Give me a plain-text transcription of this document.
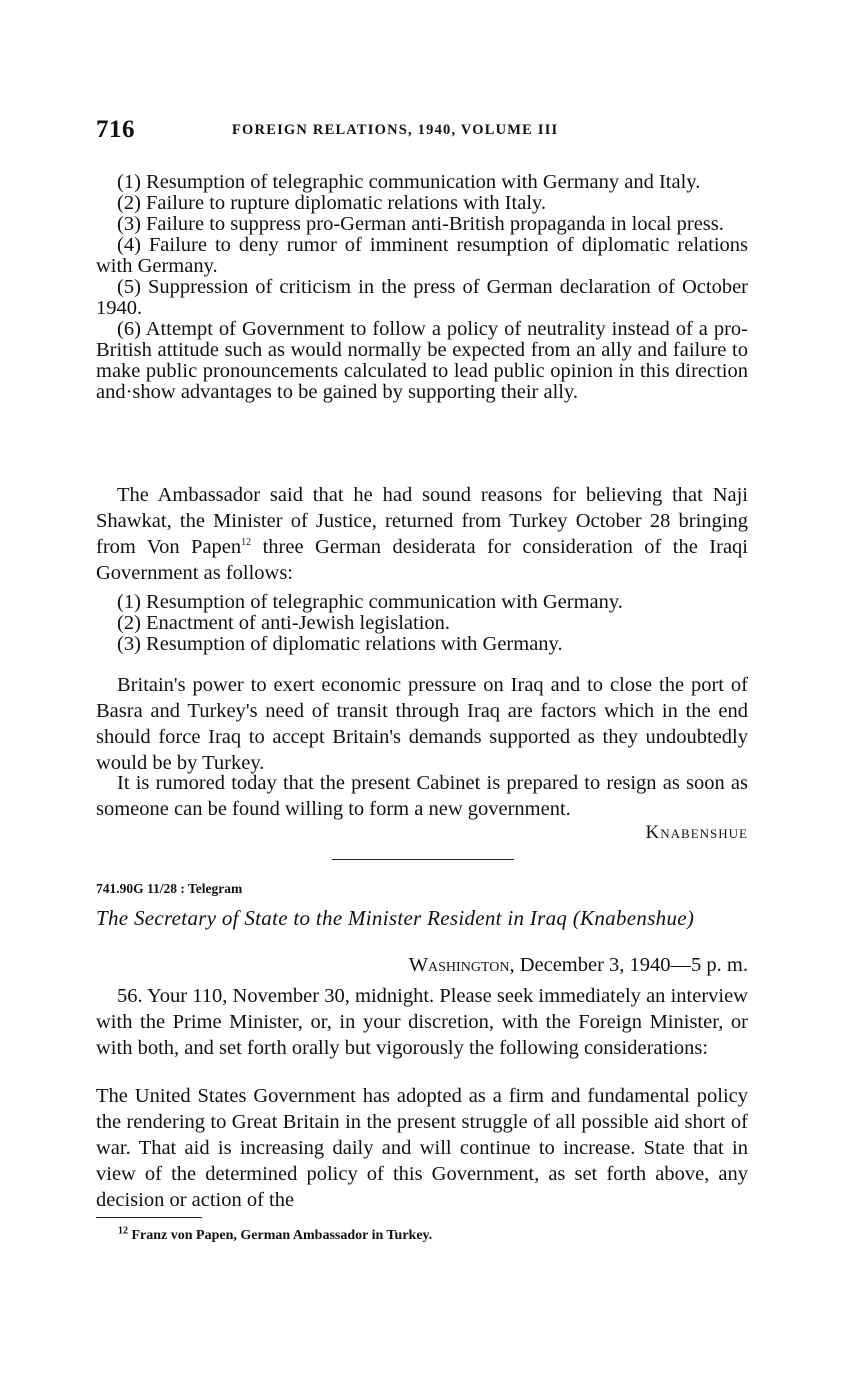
716	FOREIGN RELATIONS, 1940, VOLUME III

(1) Resumption of telegraphic communication with Germany and Italy.

(2) Failure to rupture diplomatic relations with Italy.

(3) Failure to suppress pro-German anti-British propaganda in local press.

(4) Failure to deny rumor of imminent resumption of diplomatic relations with Germany.

(5) Suppression of criticism in the press of German declaration of October 1940.

(6) Attempt of Government to follow a policy of neutrality instead of a pro-British attitude such as would normally be expected from an ally and failure to make public pronouncements calculated to lead public opinion in this direction and·show advantages to be gained by supporting their ally.

The Ambassador said that he had sound reasons for believing that Naji Shawkat, the Minister of Justice, returned from Turkey October 28 bringing from Von Papen$^{12}$ three German desiderata for consideration of the Iraqi Government as follows:

(1) Resumption of telegraphic communication with Germany.

(2) Enactment of anti-Jewish legislation.

(3) Resumption of diplomatic relations with Germany.

Britain's power to exert economic pressure on Iraq and to close the port of Basra and Turkey's need of transit through Iraq are factors which in the end should force Iraq to accept Britain's demands supported as they undoubtedly would be by Turkey.

It is rumored today that the present Cabinet is prepared to resign as soon as someone can be found willing to form a new government.

Knabenshue
741.90G 11/28 : Telegram
The Secretary of State to the Minister Resident in Iraq (Knabenshue)
Washington, December 3, 1940—5 p. m.

56. Your 110, November 30, midnight. Please seek immediately an interview with the Prime Minister, or, in your discretion, with the Foreign Minister, or with both, and set forth orally but vigorously the following considerations:

The United States Government has adopted as a firm and fundamental policy the rendering to Great Britain in the present struggle of all possible aid short of war. That aid is increasing daily and will continue to increase. State that in view of the determined policy of this Government, as set forth above, any decision or action of the

$^{12}$ Franz von Papen, German Ambassador in Turkey.
